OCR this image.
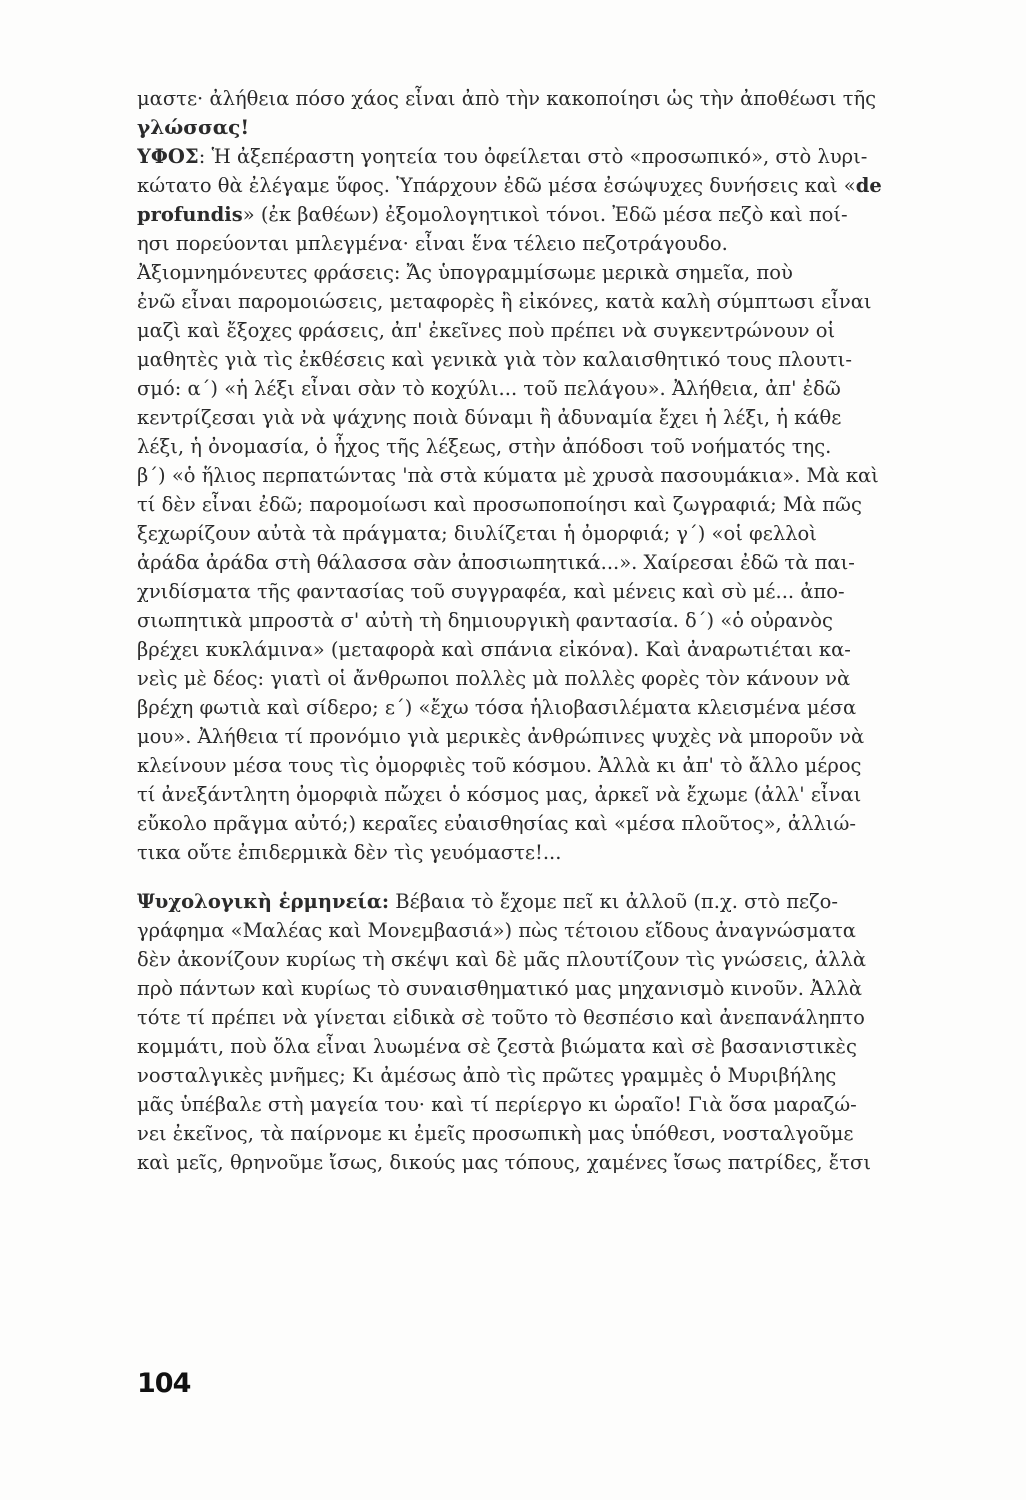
μαστε· ἀλήθεια πόσο χάος εἶναι ἀπὸ τὴν κακοποίησι ὡς τὴν ἀποθέωσι τῆς
γλώσσας!
ΥΦΟΣ: Ἡ ἀξεπέραστη γοητεία του ὀφείλεται στὸ «προσωπικό», στὸ λυρι-
κώτατο θὰ ἐλέγαμε ὕφος. Ὑπάρχουν ἐδῶ μέσα ἐσώψυχες δυνήσεις καὶ «de
profundis» (ἐκ βαθέων) ἐξομολογητικοὶ τόνοι. Ἐδῶ μέσα πεζὸ καὶ ποί-
ησι πορεύονται μπλεγμένα· εἶναι ἕνα τέλειο πεζοτράγουδο.
Ἀξιομνημόνευτες φράσεις: Ἄς ὑπογραμμίσωμε μερικὰ σημεῖα, ποὺ
ἐνῶ εἶναι παρομοιώσεις, μεταφορὲς ἢ εἰκόνες, κατὰ καλὴ σύμπτωσι εἶναι
μαζὶ καὶ ἔξοχες φράσεις, ἀπ' ἐκεῖνες ποὺ πρέπει νὰ συγκεντρώνουν οἱ
μαθητὲς γιὰ τὶς ἐκθέσεις καὶ γενικὰ γιὰ τὸν καλαισθητικό τους πλουτι-
σμό: α΄) «ἡ λέξι εἶναι σὰν τὸ κοχύλι... τοῦ πελάγου». Ἀλήθεια, ἀπ' ἐδῶ
κεντρίζεσαι γιὰ νὰ ψάχνης ποιὰ δύναμι ἢ ἀδυναμία ἔχει ἡ λέξι, ἡ κάθε
λέξι, ἡ ὀνομασία, ὁ ἦχος τῆς λέξεως, στὴν ἀπόδοσι τοῦ νοήματός της.
β΄) «ὁ ἥλιος περπατώντας 'πὰ στὰ κύματα μὲ χρυσὰ πασουμάκια». Μὰ καὶ
τί δὲν εἶναι ἐδῶ; παρομοίωσι καὶ προσωποποίησι καὶ ζωγραφιά; Μὰ πῶς
ξεχωρίζουν αὐτὰ τὰ πράγματα; διυλίζεται ἡ ὀμορφιά; γ΄) «οἱ φελλοὶ
ἀράδα ἀράδα στὴ θάλασσα σὰν ἀποσιωπητικά...». Χαίρεσαι ἐδῶ τὰ παι-
χνιδίσματα τῆς φαντασίας τοῦ συγγραφέα, καὶ μένεις καὶ σὺ μέ... ἀπο-
σιωπητικὰ μπροστὰ σ' αὐτὴ τὴ δημιουργικὴ φαντασία. δ΄) «ὁ οὐρανὸς
βρέχει κυκλάμινα» (μεταφορὰ καὶ σπάνια εἰκόνα). Καὶ ἀναρωτιέται κα-
νεὶς μὲ δέος: γιατὶ οἱ ἄνθρωποι πολλὲς μὰ πολλὲς φορὲς τὸν κάνουν νὰ
βρέχη φωτιὰ καὶ σίδερο; ε΄) «ἔχω τόσα ἡλιοβασιλέματα κλεισμένα μέσα
μου». Ἀλήθεια τί προνόμιο γιὰ μερικὲς ἀνθρώπινες ψυχὲς νὰ μποροῦν νὰ
κλείνουν μέσα τους τὶς ὀμορφιὲς τοῦ κόσμου. Ἀλλὰ κι ἀπ' τὸ ἄλλο μέρος
τί ἀνεξάντλητη ὀμορφιὰ πὤχει ὁ κόσμος μας, ἀρκεῖ νὰ ἔχωμε (ἀλλ' εἶναι
εὔκολο πρᾶγμα αὐτό;) κεραῖες εὐαισθησίας καὶ «μέσα πλοῦτος», ἀλλιώ-
τικα οὔτε ἐπιδερμικὰ δὲν τὶς γευόμαστε!...
Ψυχολογικὴ ἑρμηνεία: Βέβαια τὸ ἔχομε πεῖ κι ἀλλοῦ (π.χ. στὸ πεζο-
γράφημα «Μαλέας καὶ Μονεμβασιά») πὼς τέτοιου εἴδους ἀναγνώσματα
δὲν ἀκονίζουν κυρίως τὴ σκέψι καὶ δὲ μᾶς πλουτίζουν τὶς γνώσεις, ἀλλὰ
πρὸ πάντων καὶ κυρίως τὸ συναισθηματικό μας μηχανισμὸ κινοῦν. Ἀλλὰ
τότε τί πρέπει νὰ γίνεται εἰδικὰ σὲ τοῦτο τὸ θεσπέσιο καὶ ἀνεπανάληπτο
κομμάτι, ποὺ ὅλα εἶναι λυωμένα σὲ ζεστὰ βιώματα καὶ σὲ βασανιστικὲς
νοσταλγικὲς μνῆμες; Κι ἀμέσως ἀπὸ τὶς πρῶτες γραμμὲς ὁ Μυριβήλης
μᾶς ὑπέβαλε στὴ μαγεία του· καὶ τί περίεργο κι ὡραῖο! Γιὰ ὅσα μαραζώ-
νει ἐκεῖνος, τὰ παίρνομε κι ἐμεῖς προσωπικὴ μας ὑπόθεσι, νοσταλγοῦμε
καὶ μεῖς, θρηνοῦμε ἴσως, δικούς μας τόπους, χαμένες ἴσως πατρίδες, ἔτσι
104
